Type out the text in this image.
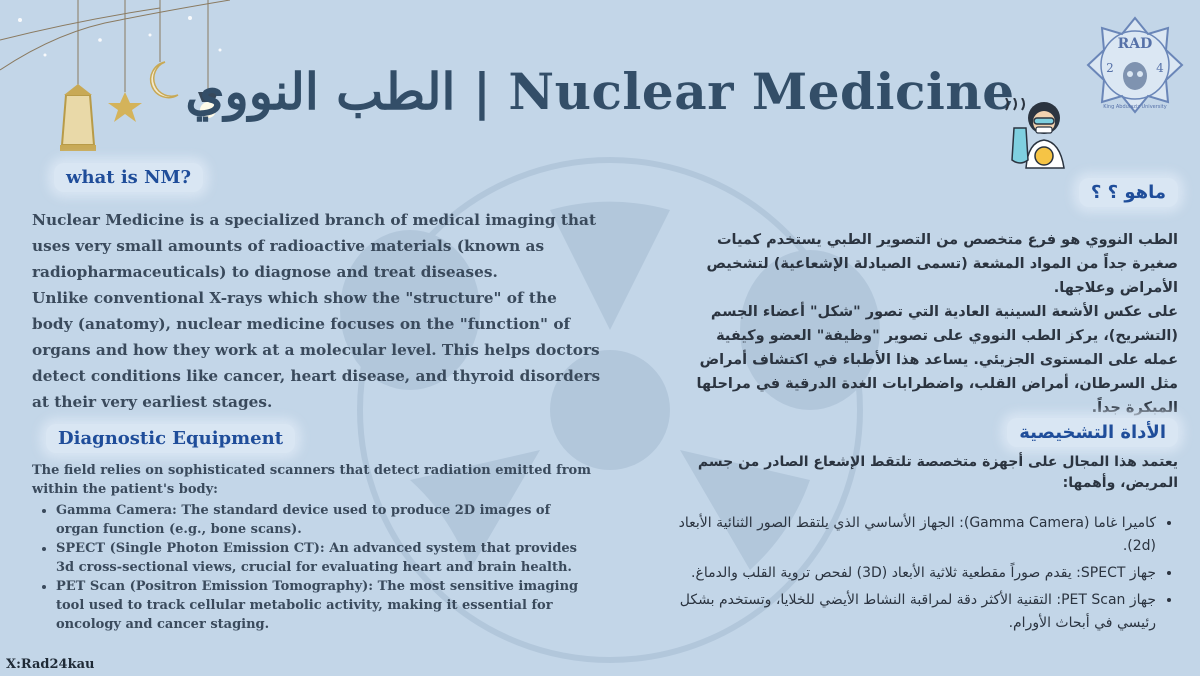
RAD
2	4
King Abdulaziz University
الطب النووي | Nuclear Medicine
what is NM?

Nuclear Medicine is a specialized branch of medical imaging that uses very small amounts of radioactive materials (known as radiopharmaceuticals) to diagnose and treat diseases.

Unlike conventional X-rays which show the "structure" of the body (anatomy), nuclear medicine focuses on the "function" of organs and how they work at a molecular level. This helps doctors detect conditions like cancer, heart disease, and thyroid disorders at their very earliest stages.

Diagnostic Equipment

The field relies on sophisticated scanners that detect radiation emitted from within the patient's body:

• Gamma Camera: The standard device used to produce 2D images of organ function (e.g., bone scans).
• SPECT (Single Photon Emission CT): An advanced system that provides 3d cross-sectional views, crucial for evaluating heart and brain health.
• PET Scan (Positron Emission Tomography): The most sensitive imaging tool used to track cellular metabolic activity, making it essential for oncology and cancer staging.
ماهو ؟ ؟

الطب النووي هو فرع متخصص من التصوير الطبي يستخدم كميات صغيرة جداً من المواد المشعة (تسمى الصيادلة الإشعاعية) لتشخيص الأمراض وعلاجها.

على عكس الأشعة السينية العادية التي تصور "شكل" أعضاء الجسم (التشريح)، يركز الطب النووي على تصوير "وظيفة" العضو وكيفية عمله على المستوى الجزيئي. يساعد هذا الأطباء في اكتشاف أمراض مثل السرطان، أمراض القلب، واضطرابات الغدة الدرقية في مراحلها المبكرة جداً.

الأداة التشخيصية

يعتمد هذا المجال على أجهزة متخصصة تلتقط الإشعاع الصادر من جسم المريض، وأهمها:

• كاميرا غاما (Gamma Camera): الجهاز الأساسي الذي يلتقط الصور الثنائية الأبعاد (2d).
• جهاز SPECT: يقدم صوراً مقطعية ثلاثية الأبعاد (3D) لفحص تروية القلب والدماغ.
• جهاز PET Scan: التقنية الأكثر دقة لمراقبة النشاط الأيضي للخلايا، وتستخدم بشكل رئيسي في أبحاث الأورام.
X:Rad24kau
